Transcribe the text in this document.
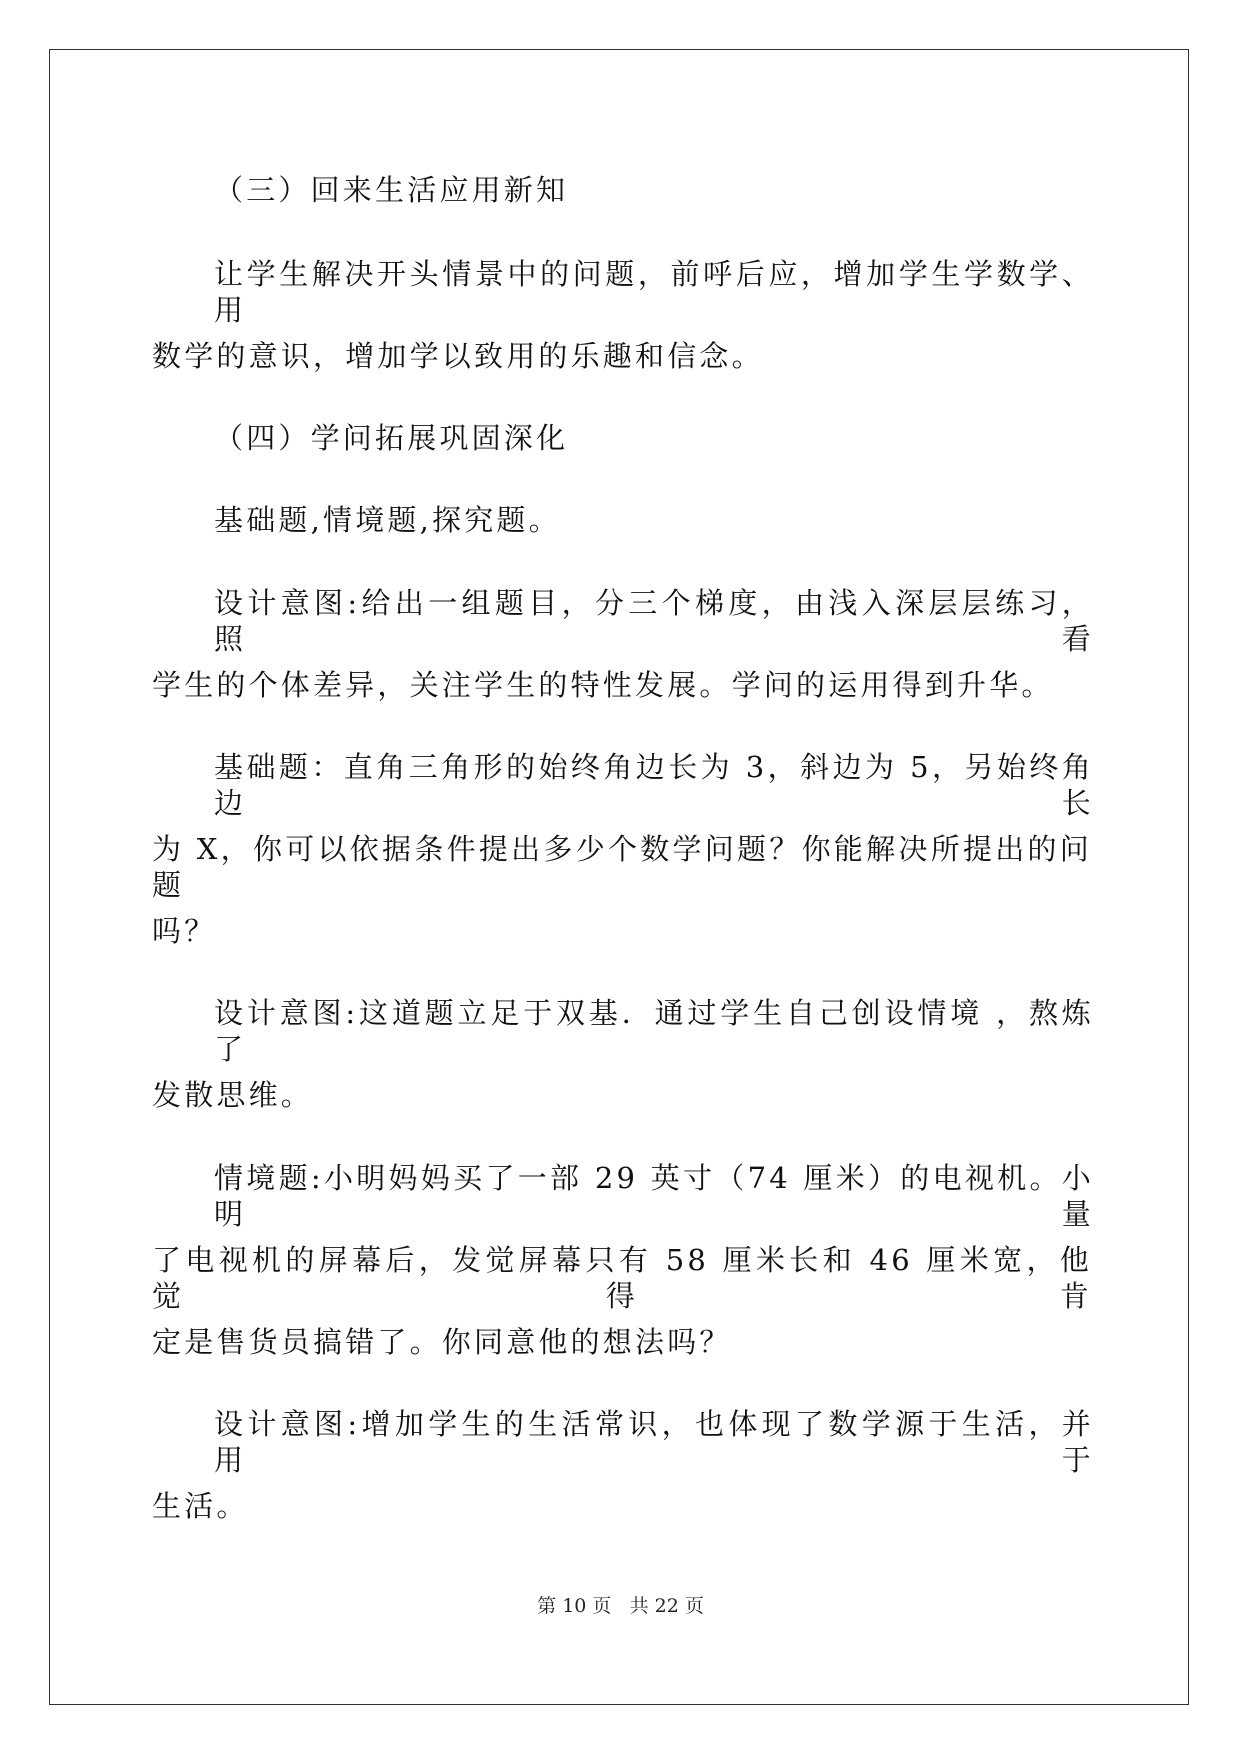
（三）回来生活应用新知
让学生解决开头情景中的问题，前呼后应，增加学生学数学、用
数学的意识，增加学以致用的乐趣和信念。
（四）学问拓展巩固深化
基础题,情境题,探究题。
设计意图:给出一组题目，分三个梯度，由浅入深层层练习，照看
学生的个体差异，关注学生的特性发展。学问的运用得到升华。
基础题：直角三角形的始终角边长为 3，斜边为 5，另始终角边长
为 X，你可以依据条件提出多少个数学问题？你能解决所提出的问题
吗？
设计意图:这道题立足于双基．通过学生自己创设情境 ，熬炼了
发散思维。
情境题:小明妈妈买了一部 29 英寸（74 厘米）的电视机。小明量
了电视机的屏幕后，发觉屏幕只有 58 厘米长和 46 厘米宽，他觉得肯
定是售货员搞错了。你同意他的想法吗？
设计意图:增加学生的生活常识，也体现了数学源于生活，并用于
生活。
第 10 页 共 22 页
